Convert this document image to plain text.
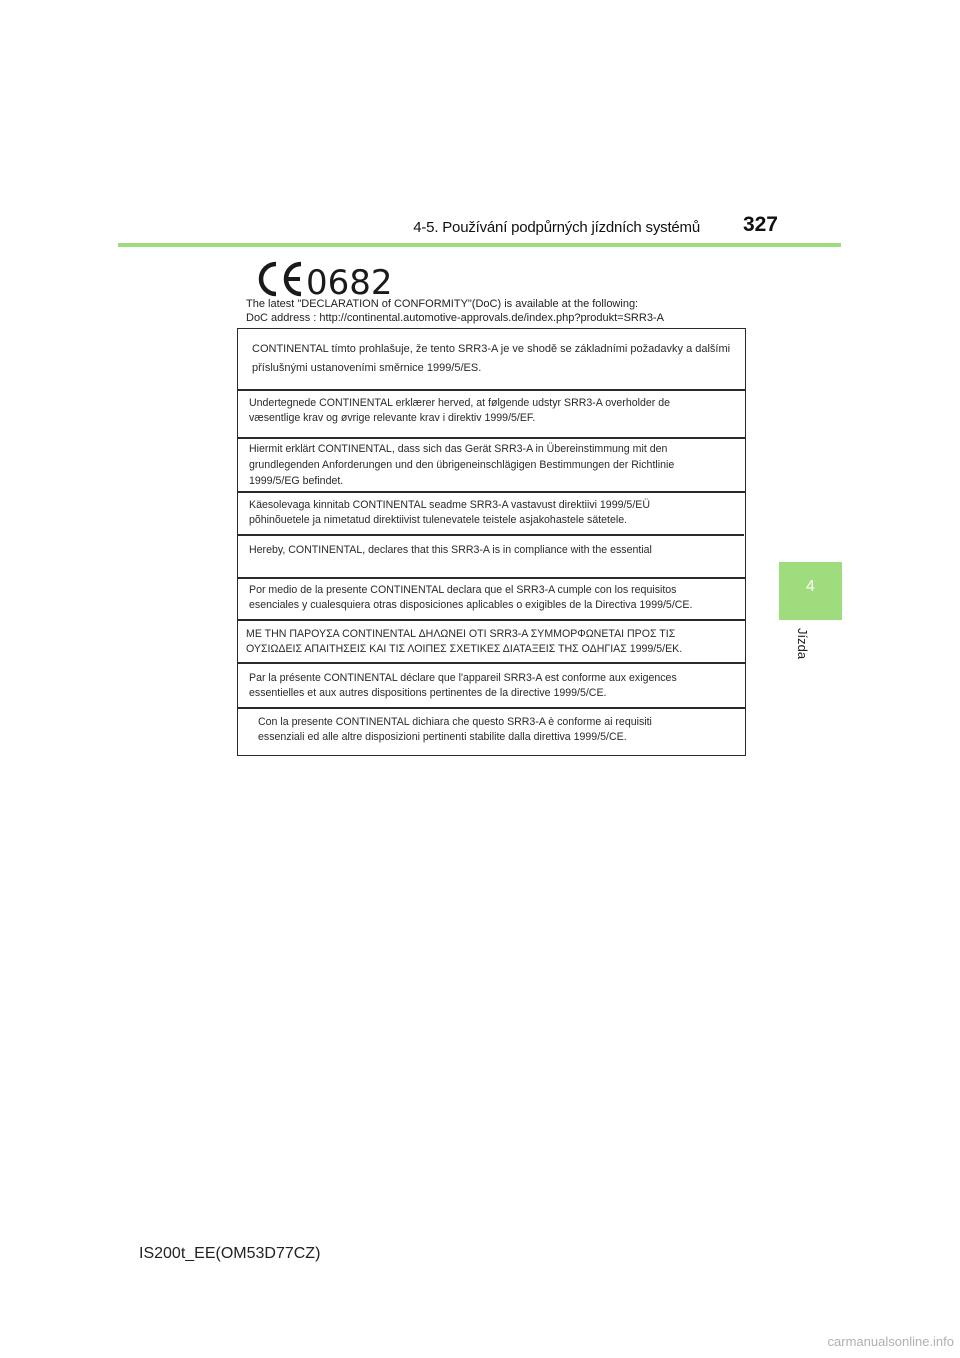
4-5. Používání podpůrných jízdních systémů	327
4
Jízda
0682
The latest "DECLARATION of CONFORMITY"(DoC) is available at the following:
DoC address : http://continental.automotive-approvals.de/index.php?produkt=SRR3-A
CONTINENTAL tímto prohlašuje, že tento SRR3-A je ve shodě se základními požadavky a dalšími
příslušnými ustanoveními směrnice 1999/5/ES.
Undertegnede CONTINENTAL erklærer herved, at følgende udstyr SRR3-A overholder de
væsentlige krav og øvrige relevante krav i direktiv 1999/5/EF.
Hiermit erklärt CONTINENTAL, dass sich das Gerät SRR3-A in Übereinstimmung mit den
grundlegenden Anforderungen und den übrigeneinschlägigen Bestimmungen der Richtlinie
1999/5/EG befindet.
Käesolevaga kinnitab CONTINENTAL seadme SRR3-A vastavust direktiivi 1999/5/EÜ
põhinõuetele ja nimetatud direktiivist tulenevatele teistele asjakohastele sätetele.
Hereby, CONTINENTAL, declares that this SRR3-A is in compliance with the essential
Por medio de la presente CONTINENTAL declara que el SRR3-A cumple con los requisitos
esenciales y cualesquiera otras disposiciones aplicables o exigibles de la Directiva 1999/5/CE.
ΜΕ ΤΗΝ ΠΑΡΟΥΣΑ CONTINENTAL ΔΗΛΩΝΕΙ ΟΤΙ SRR3-A ΣΥΜΜΟΡΦΩΝΕΤΑΙ ΠΡΟΣ ΤΙΣ
ΟΥΣΙΩΔΕΙΣ ΑΠΑΙΤΗΣΕΙΣ ΚΑΙ ΤΙΣ ΛΟΙΠΕΣ ΣΧΕΤΙΚΕΣ ΔΙΑΤΑΞΕΙΣ ΤΗΣ ΟΔΗΓΙΑΣ 1999/5/ΕΚ.
Par la présente CONTINENTAL déclare que l'appareil SRR3-A est conforme aux exigences
essentielles et aux autres dispositions pertinentes de la directive 1999/5/CE.
Con la presente CONTINENTAL dichiara che questo SRR3-A è conforme ai requisiti
essenziali ed alle altre disposizioni pertinenti stabilite dalla direttiva 1999/5/CE.
IS200t_EE(OM53D77CZ)
carmanualsonline.info
